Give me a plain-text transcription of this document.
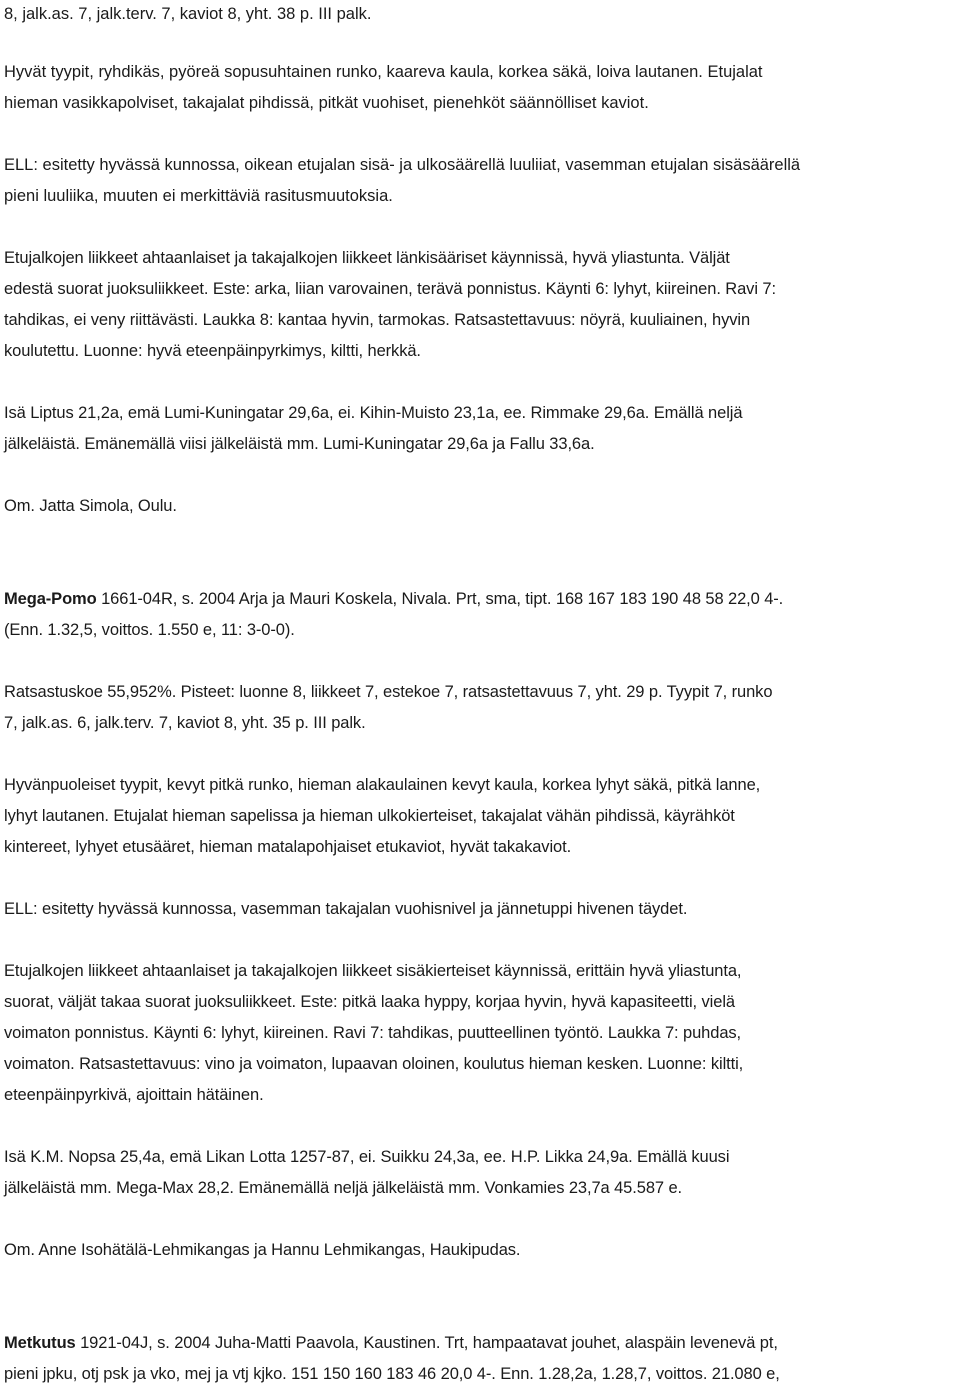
8, jalk.as. 7, jalk.terv. 7, kaviot 8, yht. 38 p. III palk.
Hyvät tyypit, ryhdikäs, pyöreä sopusuhtainen runko, kaareva kaula, korkea säkä, loiva lautanen. Etujalat
hieman vasikkapolviset, takajalat pihdissä, pitkät vuohiset, pienehköt säännölliset kaviot.
ELL: esitetty hyvässä kunnossa, oikean etujalan sisä- ja ulkosäärellä luuliiat, vasemman etujalan sisäsäärellä
pieni luuliika, muuten ei merkittäviä rasitusmuutoksia.
Etujalkojen liikkeet ahtaanlaiset ja takajalkojen liikkeet länkisääriset käynnissä, hyvä yliastunta. Väljät
edestä suorat juoksuliikkeet. Este: arka, liian varovainen, terävä ponnistus. Käynti 6: lyhyt, kiireinen. Ravi 7:
tahdikas, ei veny riittävästi. Laukka 8: kantaa hyvin, tarmokas. Ratsastettavuus: nöyrä, kuuliainen, hyvin
koulutettu. Luonne: hyvä eteenpäinpyrkimys, kiltti, herkkä.
Isä Liptus 21,2a, emä Lumi-Kuningatar 29,6a, ei. Kihin-Muisto 23,1a, ee. Rimmake 29,6a. Emällä neljä
jälkeläistä. Emänemällä viisi jälkeläistä mm. Lumi-Kuningatar 29,6a ja Fallu 33,6a.
Om. Jatta Simola, Oulu.
Mega-Pomo 1661-04R, s. 2004 Arja ja Mauri Koskela, Nivala. Prt, sma, tipt. 168 167 183 190 48 58 22,0 4-.
(Enn. 1.32,5, voittos. 1.550 e, 11: 3-0-0).
Ratsastuskoe 55,952%. Pisteet: luonne 8, liikkeet 7, estekoe 7, ratsastettavuus 7, yht. 29 p. Tyypit 7, runko
7, jalk.as. 6, jalk.terv. 7, kaviot 8, yht. 35 p. III palk.
Hyvänpuoleiset tyypit, kevyt pitkä runko, hieman alakaulainen kevyt kaula, korkea lyhyt säkä, pitkä lanne,
lyhyt lautanen. Etujalat hieman sapelissa ja hieman ulkokierteiset, takajalat vähän pihdissä, käyrähköt
kintereet, lyhyet etusääret, hieman matalapohjaiset etukaviot, hyvät takakaviot.
ELL: esitetty hyvässä kunnossa, vasemman takajalan vuohisnivel ja jännetuppi hivenen täydet.
Etujalkojen liikkeet ahtaanlaiset ja takajalkojen liikkeet sisäkierteiset käynnissä, erittäin hyvä yliastunta,
suorat, väljät takaa suorat juoksuliikkeet. Este: pitkä laaka hyppy, korjaa hyvin, hyvä kapasiteetti, vielä
voimaton ponnistus. Käynti 6: lyhyt, kiireinen. Ravi 7: tahdikas, puutteellinen työntö. Laukka 7: puhdas,
voimaton. Ratsastettavuus: vino ja voimaton, lupaavan oloinen, koulutus hieman kesken. Luonne: kiltti,
eteenpäinpyrkivä, ajoittain hätäinen.
Isä K.M. Nopsa 25,4a, emä Likan Lotta 1257-87, ei. Suikku 24,3a, ee. H.P. Likka 24,9a. Emällä kuusi
jälkeläistä mm. Mega-Max 28,2. Emänemällä neljä jälkeläistä mm. Vonkamies 23,7a 45.587 e.
Om. Anne Isohätälä-Lehmikangas ja Hannu Lehmikangas, Haukipudas.
Metkutus 1921-04J, s. 2004 Juha-Matti Paavola, Kaustinen. Trt, hampaatavat jouhet, alaspäin levenevä pt,
pieni jpku, otj psk ja vko, mej ja vtj kjko. 151 150 160 183 46 20,0 4-. Enn. 1.28,2a, 1.28,7, voittos. 21.080 e,
